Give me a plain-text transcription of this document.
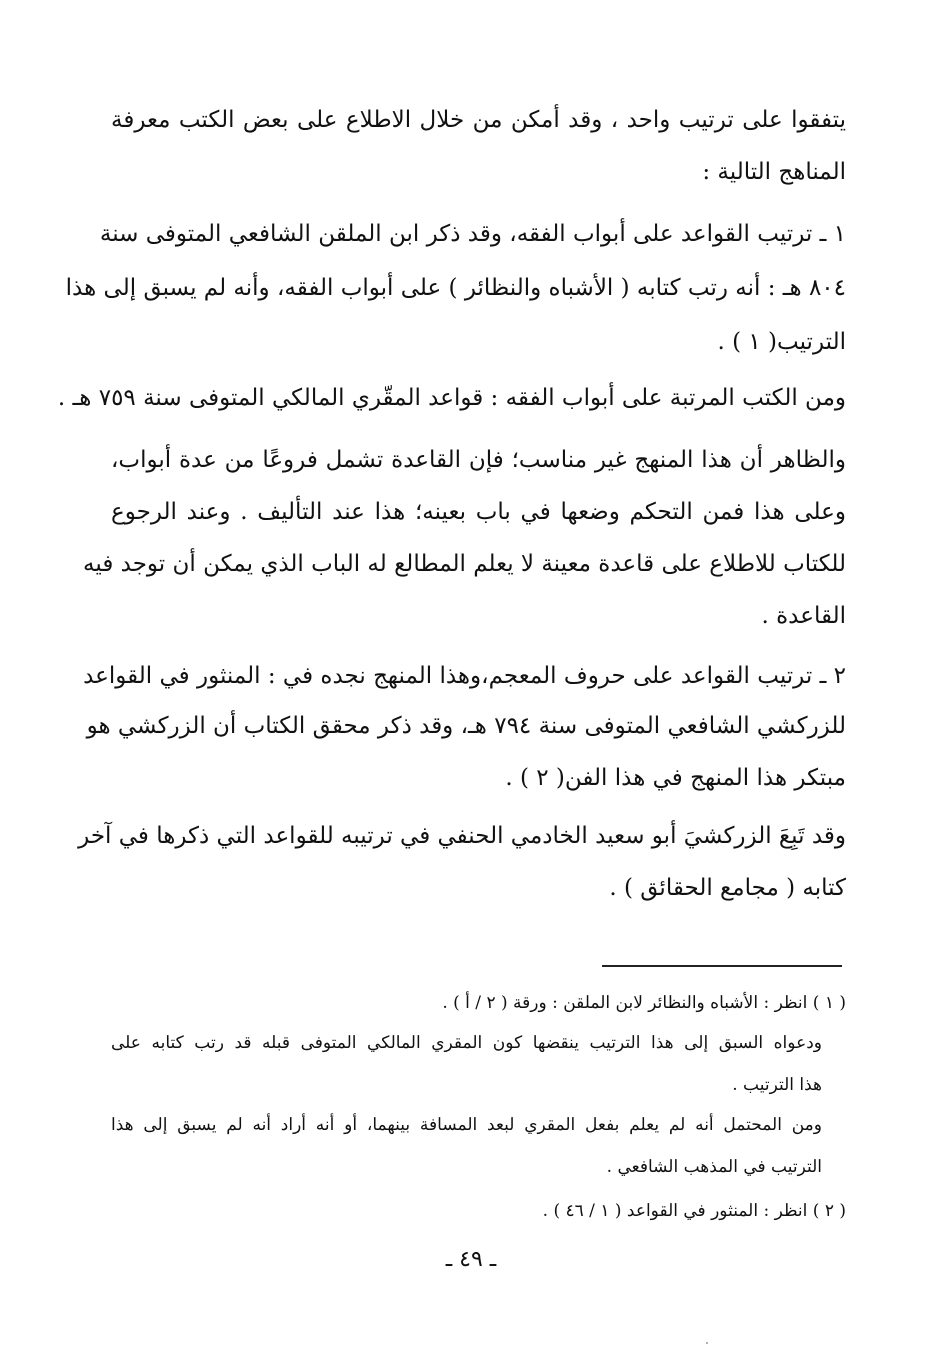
يتفقوا على ترتيب واحد ، وقد أمكن من خلال الاطلاع على بعض الكتب معرفة
المناهج التالية :
١ ـ ترتيب القواعد على أبواب الفقه، وقد ذكر ابن الملقن الشافعي المتوفى سنة
٨٠٤ هـ : أنه رتب كتابه ( الأشباه والنظائر ) على أبواب الفقه، وأنه لم يسبق إلى هذا
الترتيب( ١ ) .
ومن الكتب المرتبة على أبواب الفقه : قواعد المقّري المالكي المتوفى سنة ٧٥٩ هـ .
والظاهر أن هذا المنهج غير مناسب؛ فإن القاعدة تشمل فروعًا من عدة أبواب،
وعلى هذا فمن التحكم وضعها في باب بعينه؛ هذا عند التأليف . وعند الرجوع
للكتاب للاطلاع على قاعدة معينة لا يعلم المطالع له الباب الذي يمكن أن توجد فيه
القاعدة .
٢ ـ ترتيب القواعد على حروف المعجم،وهذا المنهج نجده في : المنثور في القواعد
للزركشي الشافعي المتوفى سنة ٧٩٤ هـ، وقد ذكر محقق الكتاب أن الزركشي هو
مبتكر هذا المنهج في هذا الفن( ٢ ) .
وقد تَبِعَ الزركشيَ أبو سعيد الخادمي الحنفي في ترتيبه للقواعد التي ذكرها في آخر
كتابه ( مجامع الحقائق ) .
( ١ ) انظر : الأشباه والنظائر لابن الملقن : ورقة ( ٢ / أ ) .
ودعواه السبق إلى هذا الترتيب ينقضها كون المقري المالكي المتوفى قبله قد رتب كتابه على
هذا الترتيب .
ومن المحتمل أنه لم يعلم بفعل المقري لبعد المسافة بينهما، أو أنه أراد أنه لم يسبق إلى هذا
الترتيب في المذهب الشافعي .
( ٢ ) انظر : المنثور في القواعد ( ١ / ٤٦ ) .
ـ ٤٩ ـ
